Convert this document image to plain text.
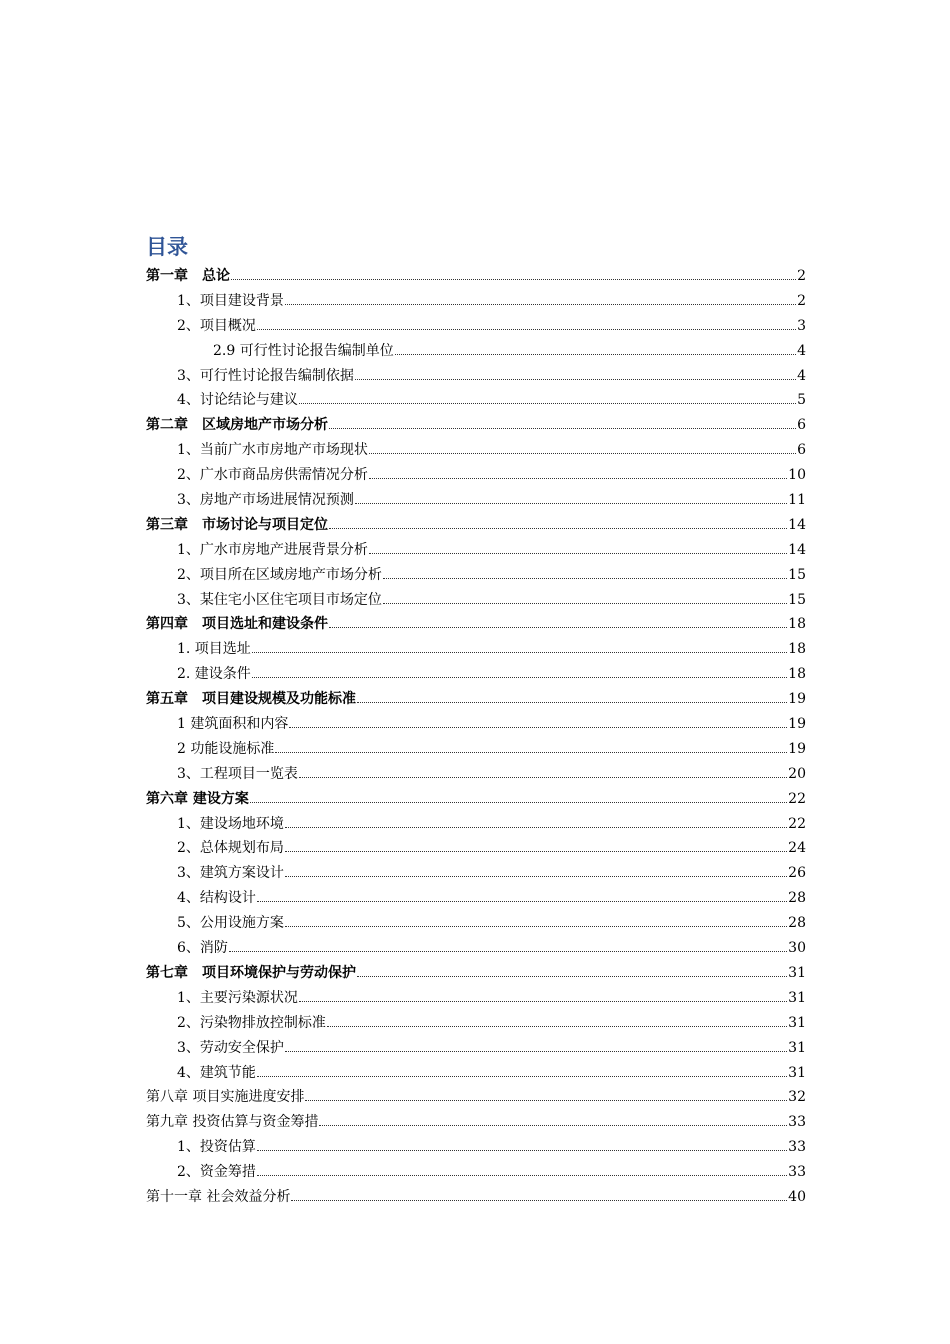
目录
第一章　总论	2
1、项目建设背景	2
2、项目概况	3
2.9 可行性讨论报告编制单位	4
3、可行性讨论报告编制依据	4
4、讨论结论与建议	5
第二章　区域房地产市场分析	6
1、当前广水市房地产市场现状	6
2、广水市商品房供需情况分析	10
3、房地产市场进展情况预测	11
第三章　市场讨论与项目定位	14
1、广水市房地产进展背景分析	14
2、项目所在区域房地产市场分析	15
3、某住宅小区住宅项目市场定位	15
第四章　项目选址和建设条件	18
1. 项目选址	18
2. 建设条件	18
第五章　项目建设规模及功能标准	19
1 建筑面积和内容	19
2 功能设施标准	19
3、工程项目一览表	20
第六章 建设方案	22
1、建设场地环境	22
2、总体规划布局	24
3、建筑方案设计	26
4、结构设计	28
5、公用设施方案	28
6、消防	30
第七章　项目环境保护与劳动保护	31
1、主要污染源状况	31
2、污染物排放控制标准	31
3、劳动安全保护	31
4、建筑节能	31
第八章 项目实施进度安排	32
第九章 投资估算与资金筹措	33
1、投资估算	33
2、资金筹措	33
第十一章 社会效益分析	40
